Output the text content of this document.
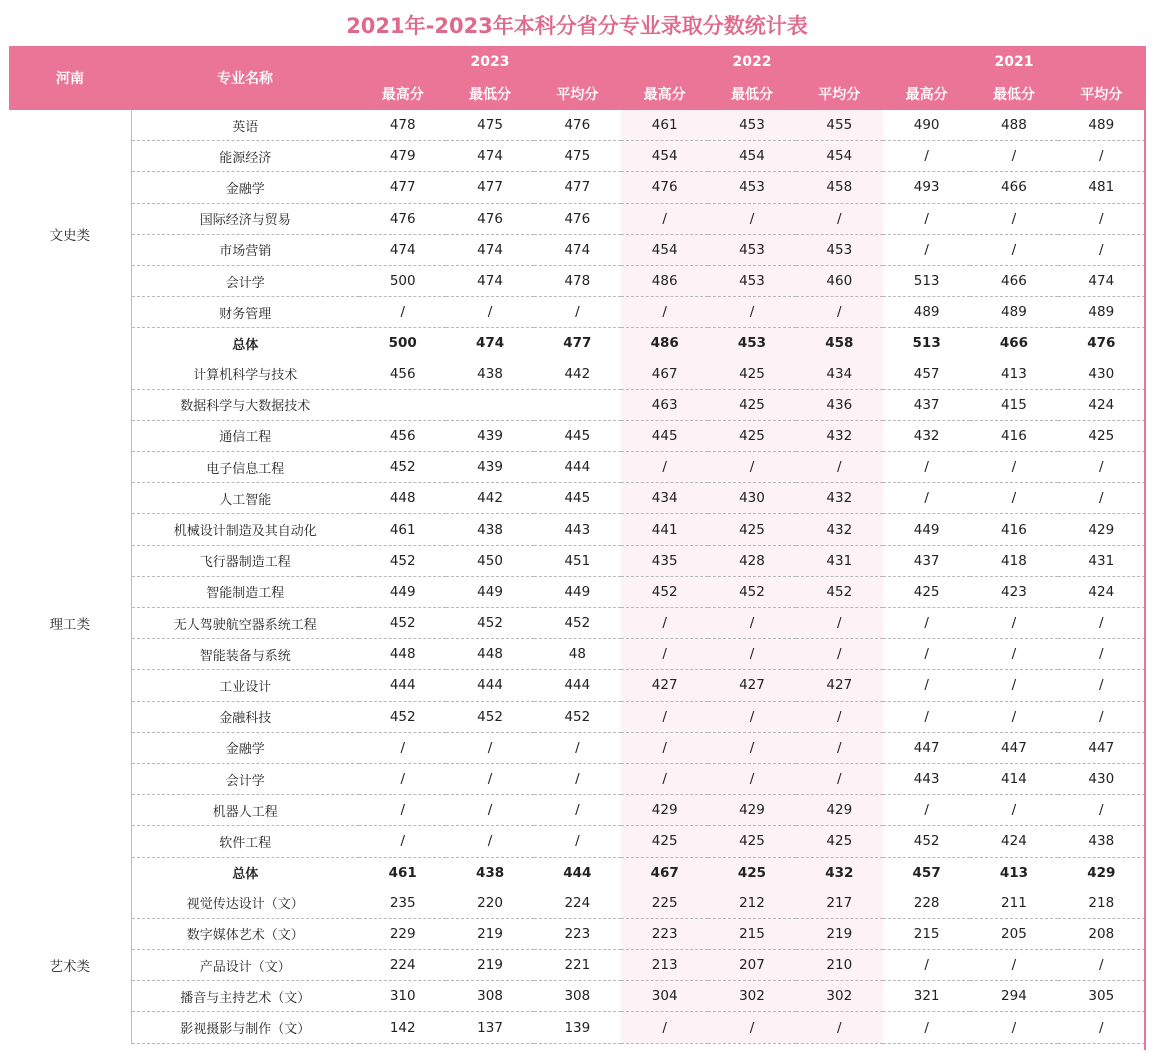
2021年-2023年本科分省分专业录取分数统计表
河南	专业名称	2023			2022			2021		
		最高分	最低分	平均分	最高分	最低分	平均分	最高分	最低分	平均分
文史类	英语	478	475	476	461	453	455	490	488	489
	能源经济	479	474	475	454	454	454	/	/	/
	金融学	477	477	477	476	453	458	493	466	481
	国际经济与贸易	476	476	476	/	/	/	/	/	/
	市场营销	474	474	474	454	453	453	/	/	/
	会计学	500	474	478	486	453	460	513	466	474
	财务管理	/	/	/	/	/	/	489	489	489
	总体	500	474	477	486	453	458	513	466	476
理工类	计算机科学与技术	456	438	442	467	425	434	457	413	430
	数据科学与大数据技术				463	425	436	437	415	424
	通信工程	456	439	445	445	425	432	432	416	425
	电子信息工程	452	439	444	/	/	/	/	/	/
	人工智能	448	442	445	434	430	432	/	/	/
	机械设计制造及其自动化	461	438	443	441	425	432	449	416	429
	飞行器制造工程	452	450	451	435	428	431	437	418	431
	智能制造工程	449	449	449	452	452	452	425	423	424
	无人驾驶航空器系统工程	452	452	452	/	/	/	/	/	/
	智能装备与系统	448	448	48	/	/	/	/	/	/
	工业设计	444	444	444	427	427	427	/	/	/
	金融科技	452	452	452	/	/	/	/	/	/
	金融学	/	/	/	/	/	/	447	447	447
	会计学	/	/	/	/	/	/	443	414	430
	机器人工程	/	/	/	429	429	429	/	/	/
	软件工程	/	/	/	425	425	425	452	424	438
	总体	461	438	444	467	425	432	457	413	429
艺术类	视觉传达设计（文）	235	220	224	225	212	217	228	211	218
	数字媒体艺术（文）	229	219	223	223	215	219	215	205	208
	产品设计（文）	224	219	221	213	207	210	/	/	/
	播音与主持艺术（文）	310	308	308	304	302	302	321	294	305
	影视摄影与制作（文）	142	137	139	/	/	/	/	/	/
